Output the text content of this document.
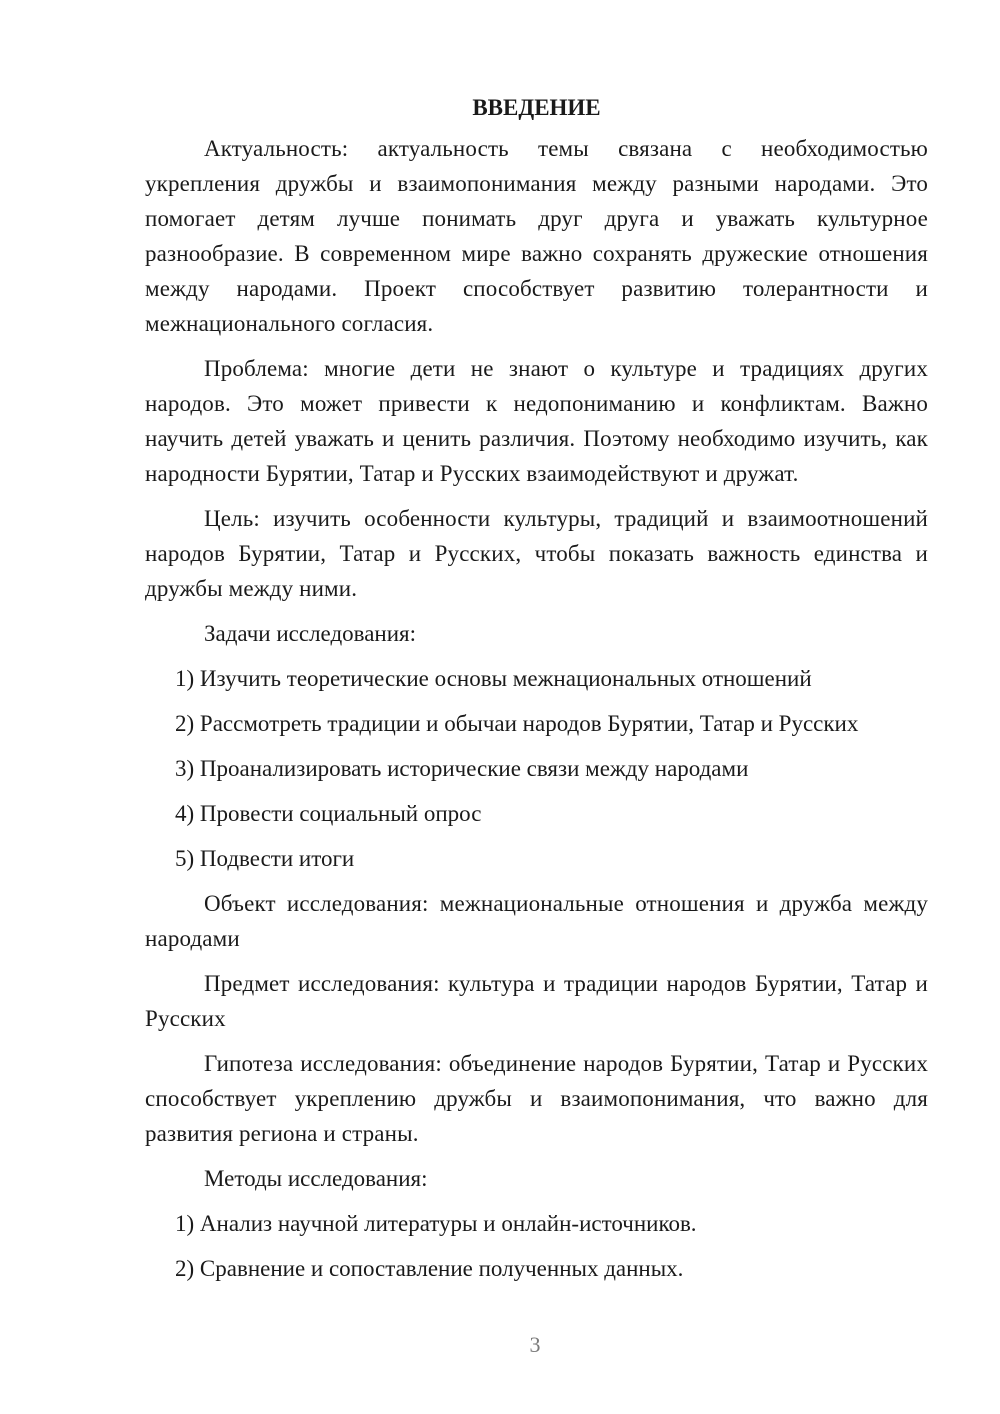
ВВЕДЕНИЕ

Актуальность: актуальность темы связана с необходимостью укрепления дружбы и взаимопонимания между разными народами. Это помогает детям лучше понимать друг друга и уважать культурное разнообразие. В современном мире важно сохранять дружеские отношения между народами. Проект способствует развитию толерантности и межнационального согласия.

Проблема: многие дети не знают о культуре и традициях других народов. Это может привести к недопониманию и конфликтам. Важно научить детей уважать и ценить различия. Поэтому необходимо изучить, как народности Бурятии, Татар и Русских взаимодействуют и дружат.

Цель: изучить особенности культуры, традиций и взаимоотношений народов Бурятии, Татар и Русских, чтобы показать важность единства и дружбы между ними.

Задачи исследования:
1) Изучить теоретические основы межнациональных отношений
2) Рассмотреть традиции и обычаи народов Бурятии, Татар и Русских
3) Проанализировать исторические связи между народами
4) Провести социальный опрос
5) Подвести итоги

Объект исследования: межнациональные отношения и дружба между народами

Предмет исследования: культура и традиции народов Бурятии, Татар и Русских

Гипотеза исследования: объединение народов Бурятии, Татар и Русских способствует укреплению дружбы и взаимопонимания, что важно для развития региона и страны.

Методы исследования:
1) Анализ научной литературы и онлайн-источников.
2) Сравнение и сопоставление полученных данных.
3
